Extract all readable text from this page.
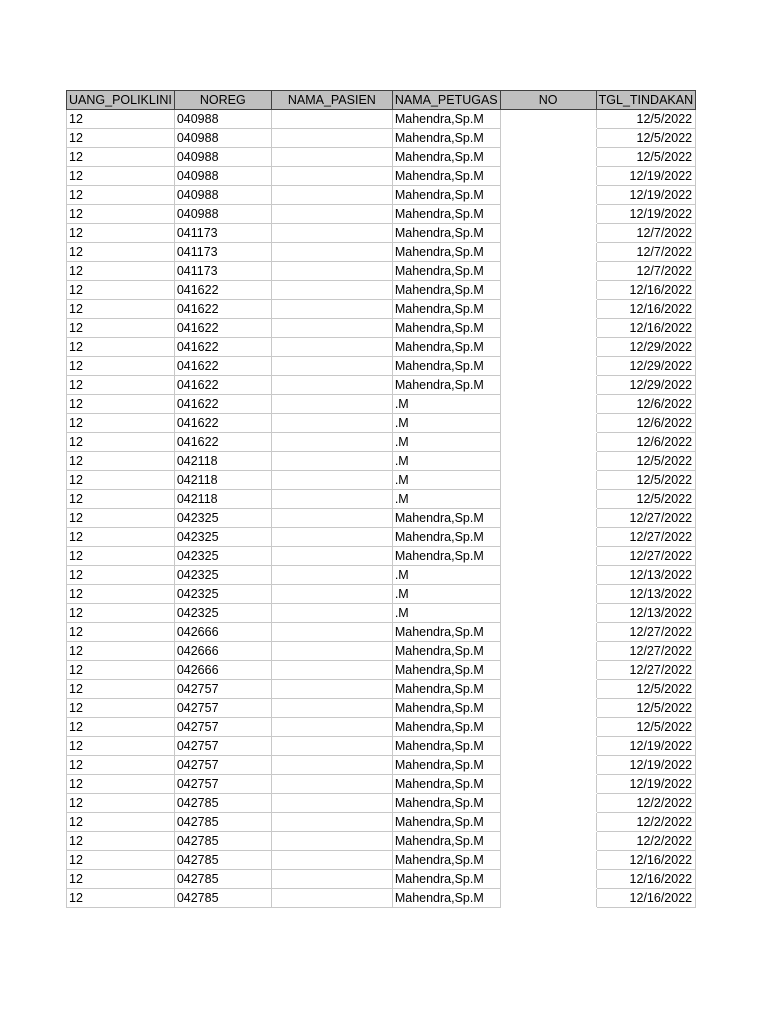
UANG_POLIKLINI	NOREG	NAMA_PASIEN	NAMA_PETUGAS	NO	TGL_TINDAKAN
12	040988		Mahendra,Sp.M		12/5/2022
12	040988		Mahendra,Sp.M		12/5/2022
12	040988		Mahendra,Sp.M		12/5/2022
12	040988		Mahendra,Sp.M		12/19/2022
12	040988		Mahendra,Sp.M		12/19/2022
12	040988		Mahendra,Sp.M		12/19/2022
12	041173		Mahendra,Sp.M		12/7/2022
12	041173		Mahendra,Sp.M		12/7/2022
12	041173		Mahendra,Sp.M		12/7/2022
12	041622		Mahendra,Sp.M		12/16/2022
12	041622		Mahendra,Sp.M		12/16/2022
12	041622		Mahendra,Sp.M		12/16/2022
12	041622		Mahendra,Sp.M		12/29/2022
12	041622		Mahendra,Sp.M		12/29/2022
12	041622		Mahendra,Sp.M		12/29/2022
12	041622		.M		12/6/2022
12	041622		.M		12/6/2022
12	041622		.M		12/6/2022
12	042118		.M		12/5/2022
12	042118		.M		12/5/2022
12	042118		.M		12/5/2022
12	042325		Mahendra,Sp.M		12/27/2022
12	042325		Mahendra,Sp.M		12/27/2022
12	042325		Mahendra,Sp.M		12/27/2022
12	042325		.M		12/13/2022
12	042325		.M		12/13/2022
12	042325		.M		12/13/2022
12	042666		Mahendra,Sp.M		12/27/2022
12	042666		Mahendra,Sp.M		12/27/2022
12	042666		Mahendra,Sp.M		12/27/2022
12	042757		Mahendra,Sp.M		12/5/2022
12	042757		Mahendra,Sp.M		12/5/2022
12	042757		Mahendra,Sp.M		12/5/2022
12	042757		Mahendra,Sp.M		12/19/2022
12	042757		Mahendra,Sp.M		12/19/2022
12	042757		Mahendra,Sp.M		12/19/2022
12	042785		Mahendra,Sp.M		12/2/2022
12	042785		Mahendra,Sp.M		12/2/2022
12	042785		Mahendra,Sp.M		12/2/2022
12	042785		Mahendra,Sp.M		12/16/2022
12	042785		Mahendra,Sp.M		12/16/2022
12	042785		Mahendra,Sp.M		12/16/2022
